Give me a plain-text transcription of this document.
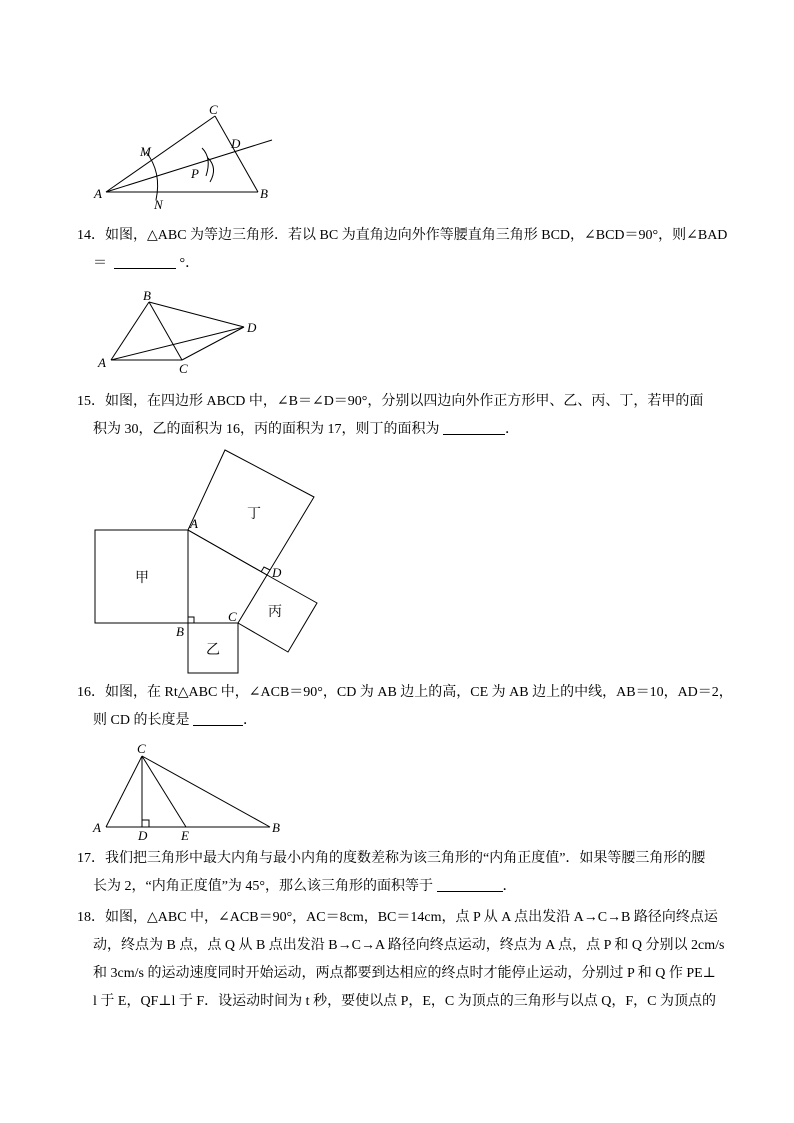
C
M
D
P
A	B
N

14．如图，△ABC 为等边三角形．若以 BC 为直角边向外作等腰直角三角形 BCD，∠BCD＝90°，则∠BAD

＝	°．

B
D
A	C

15．如图，在四边形 ABCD 中，∠B＝∠D＝90°，分别以四边向外作正方形甲、乙、丙、丁，若甲的面

积为 30，乙的面积为 16，丙的面积为 17，则丁的面积为	．

丁
甲
丙
乙
A
D
C
B

16．如图，在 Rt△ABC 中，∠ACB＝90°，CD 为 AB 边上的高，CE 为 AB 边上的中线，AB＝10，AD＝2，

则 CD 的长度是	．

C
A	B
D	E

17．我们把三角形中最大内角与最小内角的度数差称为该三角形的“内角正度值”．如果等腰三角形的腰

长为 2，“内角正度值”为 45°，那么该三角形的面积等于	．

18．如图，△ABC 中，∠ACB＝90°，AC＝8cm，BC＝14cm，点 P 从 A 点出发沿 A→C→B 路径向终点运

动，终点为 B 点，点 Q 从 B 点出发沿 B→C→A 路径向终点运动，终点为 A 点，点 P 和 Q 分别以 2cm/s

和 3cm/s 的运动速度同时开始运动，两点都要到达相应的终点时才能停止运动，分别过 P 和 Q 作 PE⊥

l 于 E，QF⊥l 于 F．设运动时间为 t 秒，要使以点 P，E，C 为顶点的三角形与以点 Q，F，C 为顶点的
